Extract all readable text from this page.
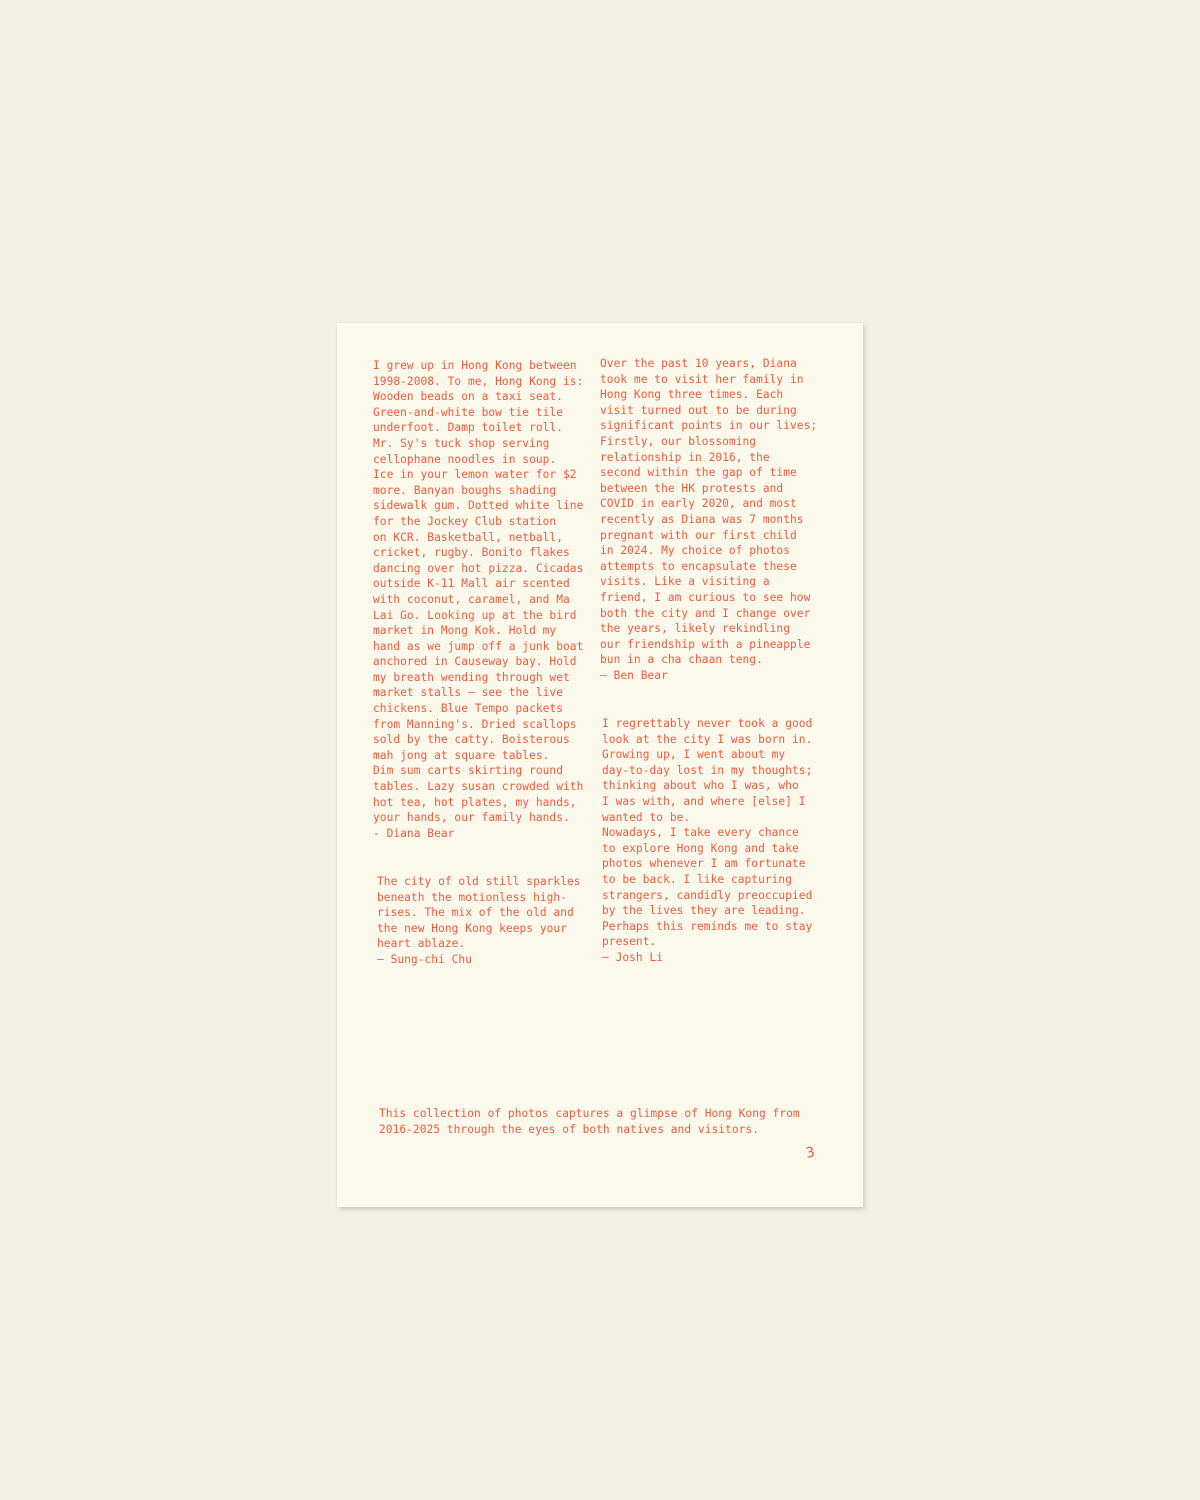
I grew up in Hong Kong between
1998-2008. To me, Hong Kong is:
Wooden beads on a taxi seat.
Green-and-white bow tie tile
underfoot. Damp toilet roll.
Mr. Sy's tuck shop serving
cellophane noodles in soup.
Ice in your lemon water for $2
more. Banyan boughs shading
sidewalk gum. Dotted white line
for the Jockey Club station
on KCR. Basketball, netball,
cricket, rugby. Bonito flakes
dancing over hot pizza. Cicadas
outside K-11 Mall air scented
with coconut, caramel, and Ma
Lai Go. Looking up at the bird
market in Mong Kok. Hold my
hand as we jump off a junk boat
anchored in Causeway bay. Hold
my breath wending through wet
market stalls — see the live
chickens. Blue Tempo packets
from Manning's. Dried scallops
sold by the catty. Boisterous
mah jong at square tables.
Dim sum carts skirting round
tables. Lazy susan crowded with
hot tea, hot plates, my hands,
your hands, our family hands.
- Diana Bear

The city of old still sparkles
beneath the motionless high-
rises. The mix of the old and
the new Hong Kong keeps your
heart ablaze.
— Sung-chi Chu

Over the past 10 years, Diana
took me to visit her family in
Hong Kong three times. Each
visit turned out to be during
significant points in our lives;
Firstly, our blossoming
relationship in 2016, the
second within the gap of time
between the HK protests and
COVID in early 2020, and most
recently as Diana was 7 months
pregnant with our first child
in 2024. My choice of photos
attempts to encapsulate these
visits. Like a visiting a
friend, I am curious to see how
both the city and I change over
the years, likely rekindling
our friendship with a pineapple
bun in a cha chaan teng.
— Ben Bear

I regrettably never took a good
look at the city I was born in.
Growing up, I went about my
day-to-day lost in my thoughts;
thinking about who I was, who
I was with, and where [else] I
wanted to be.
Nowadays, I take every chance
to explore Hong Kong and take
photos whenever I am fortunate
to be back. I like capturing
strangers, candidly preoccupied
by the lives they are leading.
Perhaps this reminds me to stay
present.
— Josh Li

This collection of photos captures a glimpse of Hong Kong from
2016-2025 through the eyes of both natives and visitors.

3
